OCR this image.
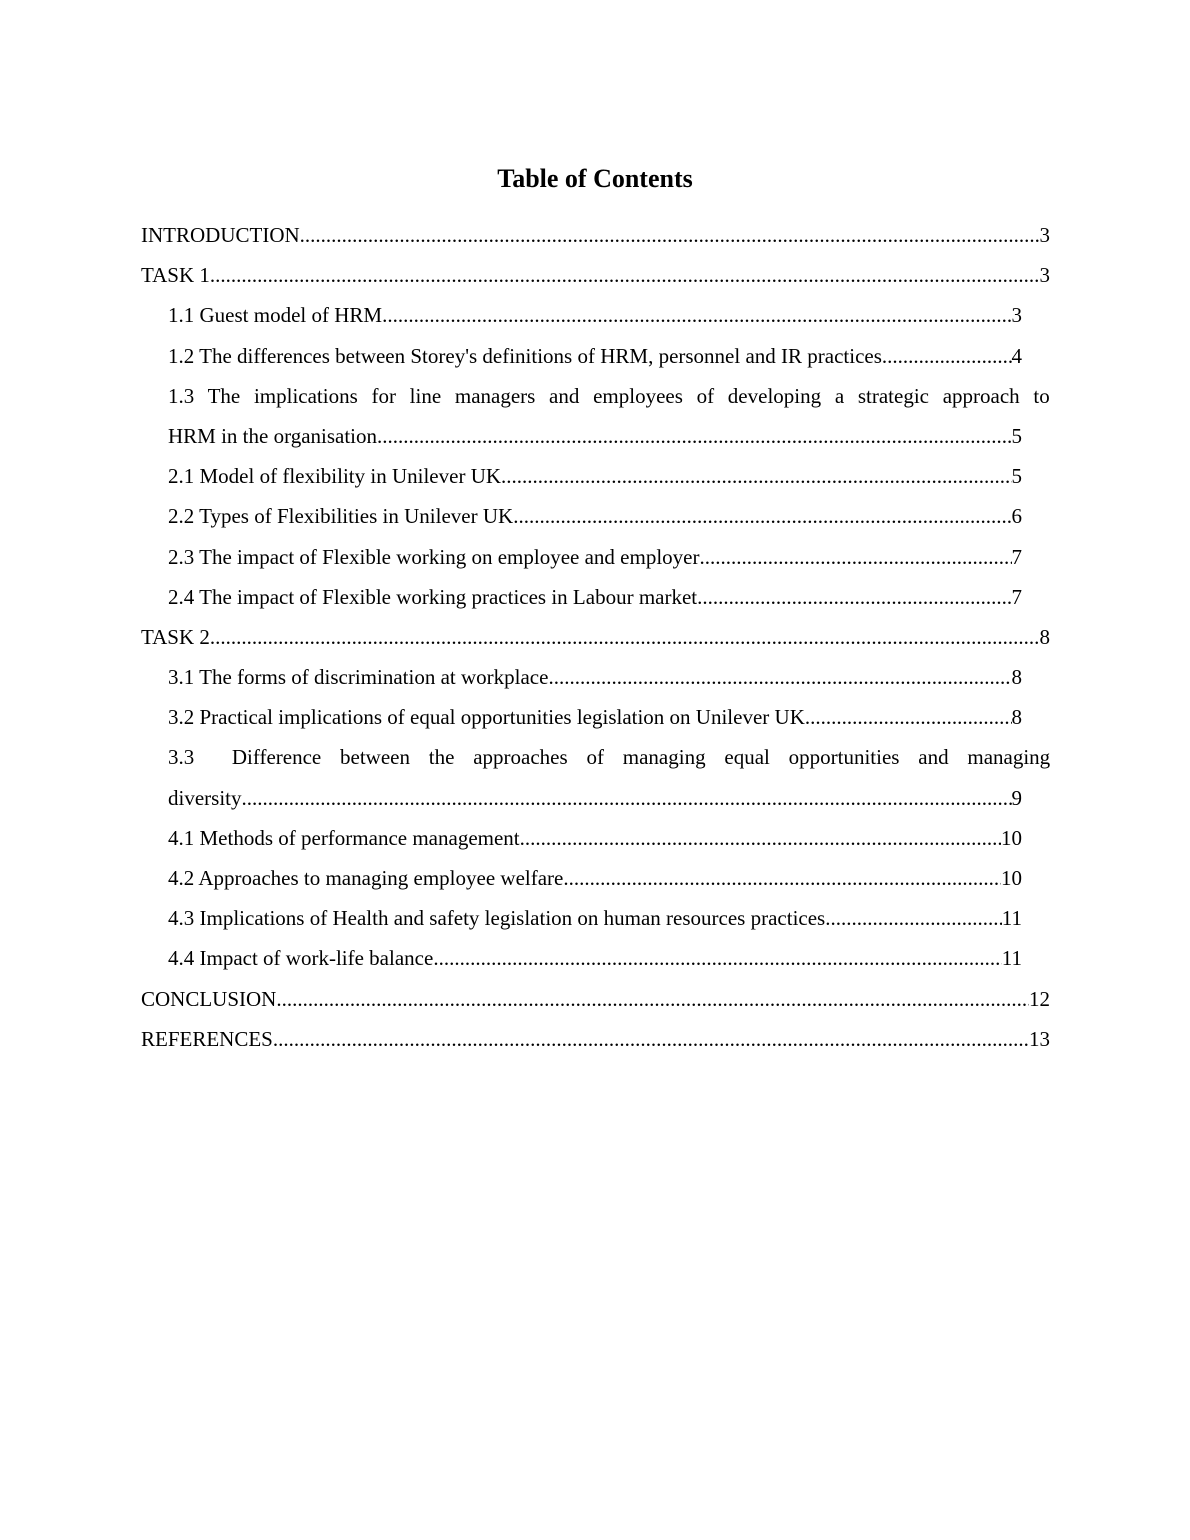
Table of Contents
INTRODUCTION .....	3
TASK 1 .....	3
1.1 Guest model of HRM .....	3
1.2 The differences between Storey's definitions of HRM, personnel and IR practices .....	4
1.3 The implications for line managers and employees of developing a strategic approach to
HRM in the organisation .....	5
2.1 Model of flexibility in Unilever UK .....	5
2.2 Types of Flexibilities in Unilever UK .....	6
2.3 The impact of Flexible working on employee and employer .....	7
2.4 The impact of Flexible working practices in Labour market .....	7
TASK 2 .....	8
3.1 The forms of discrimination at workplace .....	8
3.2 Practical implications of equal opportunities legislation on Unilever UK .....	8
3.3  Difference between the approaches of managing equal opportunities and managing
diversity .....	9
4.1 Methods of performance management .....	10
4.2 Approaches to managing employee welfare .....	10
4.3 Implications of Health and safety legislation on human resources practices .....	11
4.4 Impact of work-life balance .....	11
CONCLUSION .....	12
REFERENCES .....	13
